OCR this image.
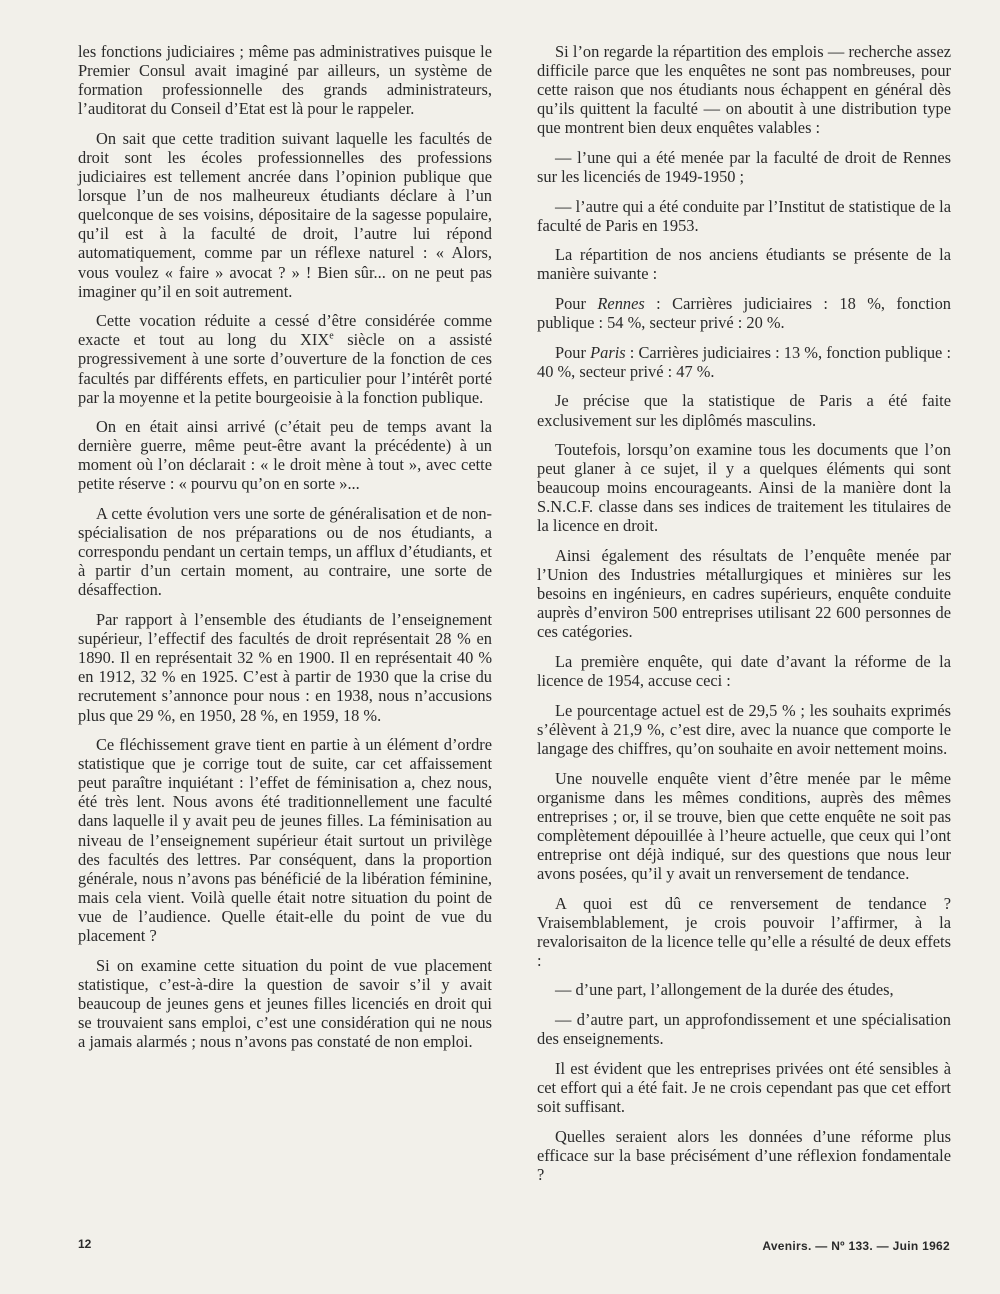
les fonctions judiciaires ; même pas administratives puisque le Premier Consul avait imaginé par ailleurs, un système de formation professionnelle des grands administrateurs, l’auditorat du Conseil d’Etat est là pour le rappeler.

On sait que cette tradition suivant laquelle les facultés de droit sont les écoles professionnelles des professions judiciaires est tellement ancrée dans l’opinion publique que lorsque l’un de nos malheureux étudiants déclare à l’un quelconque de ses voisins, dépositaire de la sagesse populaire, qu’il est à la faculté de droit, l’autre lui répond automatiquement, comme par un réflexe naturel : « Alors, vous voulez « faire » avocat ? » ! Bien sûr... on ne peut pas imaginer qu’il en soit autrement.

Cette vocation réduite a cessé d’être considérée comme exacte et tout au long du XIXe siècle on a assisté progressivement à une sorte d’ouverture de la fonction de ces facultés par différents effets, en particulier pour l’intérêt porté par la moyenne et la petite bourgeoisie à la fonction publique.

On en était ainsi arrivé (c’était peu de temps avant la dernière guerre, même peut-être avant la précédente) à un moment où l’on déclarait : « le droit mène à tout », avec cette petite réserve : « pourvu qu’on en sorte »...

A cette évolution vers une sorte de généralisation et de non-spécialisation de nos préparations ou de nos étudiants, a correspondu pendant un certain temps, un afflux d’étudiants, et à partir d’un certain moment, au contraire, une sorte de désaffection.

Par rapport à l’ensemble des étudiants de l’enseignement supérieur, l’effectif des facultés de droit représentait 28 % en 1890. Il en représentait 32 % en 1900. Il en représentait 40 % en 1912, 32 % en 1925. C’est à partir de 1930 que la crise du recrutement s’annonce pour nous : en 1938, nous n’accusions plus que 29 %, en 1950, 28 %, en 1959, 18 %.

Ce fléchissement grave tient en partie à un élément d’ordre statistique que je corrige tout de suite, car cet affaissement peut paraître inquiétant : l’effet de féminisation a, chez nous, été très lent. Nous avons été traditionnellement une faculté dans laquelle il y avait peu de jeunes filles. La féminisation au niveau de l’enseignement supérieur était surtout un privilège des facultés des lettres. Par conséquent, dans la proportion générale, nous n’avons pas bénéficié de la libération féminine, mais cela vient. Voilà quelle était notre situation du point de vue de l’audience. Quelle était-elle du point de vue du placement ?

Si on examine cette situation du point de vue placement statistique, c’est-à-dire la question de savoir s’il y avait beaucoup de jeunes gens et jeunes filles licenciés en droit qui se trouvaient sans emploi, c’est une considération qui ne nous a jamais alarmés ; nous n’avons pas constaté de non emploi.

Si l’on regarde la répartition des emplois — recherche assez difficile parce que les enquêtes ne sont pas nombreuses, pour cette raison que nos étudiants nous échappent en général dès qu’ils quittent la faculté — on aboutit à une distribution type que montrent bien deux enquêtes valables :

— l’une qui a été menée par la faculté de droit de Rennes sur les licenciés de 1949-1950 ;

— l’autre qui a été conduite par l’Institut de statistique de la faculté de Paris en 1953.

La répartition de nos anciens étudiants se présente de la manière suivante :

Pour Rennes : Carrières judiciaires : 18 %, fonction publique : 54 %, secteur privé : 20 %.

Pour Paris : Carrières judiciaires : 13 %, fonction publique : 40 %, secteur privé : 47 %.

Je précise que la statistique de Paris a été faite exclusivement sur les diplômés masculins.

Toutefois, lorsqu’on examine tous les documents que l’on peut glaner à ce sujet, il y a quelques éléments qui sont beaucoup moins encourageants. Ainsi de la manière dont la S.N.C.F. classe dans ses indices de traitement les titulaires de la licence en droit.

Ainsi également des résultats de l’enquête menée par l’Union des Industries métallurgiques et minières sur les besoins en ingénieurs, en cadres supérieurs, enquête conduite auprès d’environ 500 entreprises utilisant 22 600 personnes de ces catégories.

La première enquête, qui date d’avant la réforme de la licence de 1954, accuse ceci :

Le pourcentage actuel est de 29,5 % ; les souhaits exprimés s’élèvent à 21,9 %, c’est dire, avec la nuance que comporte le langage des chiffres, qu’on souhaite en avoir nettement moins.

Une nouvelle enquête vient d’être menée par le même organisme dans les mêmes conditions, auprès des mêmes entreprises ; or, il se trouve, bien que cette enquête ne soit pas complètement dépouillée à l’heure actuelle, que ceux qui l’ont entreprise ont déjà indiqué, sur des questions que nous leur avons posées, qu’il y avait un renversement de tendance.

A quoi est dû ce renversement de tendance ? Vraisemblablement, je crois pouvoir l’affirmer, à la revalorisaiton de la licence telle qu’elle a résulté de deux effets :

— d’une part, l’allongement de la durée des études,

— d’autre part, un approfondissement et une spécialisation des enseignements.

Il est évident que les entreprises privées ont été sensibles à cet effort qui a été fait. Je ne crois cependant pas que cet effort soit suffisant.

Quelles seraient alors les données d’une réforme plus efficace sur la base précisément d’une réflexion fondamentale ?

12	Avenirs. — Nº 133. — Juin 1962
